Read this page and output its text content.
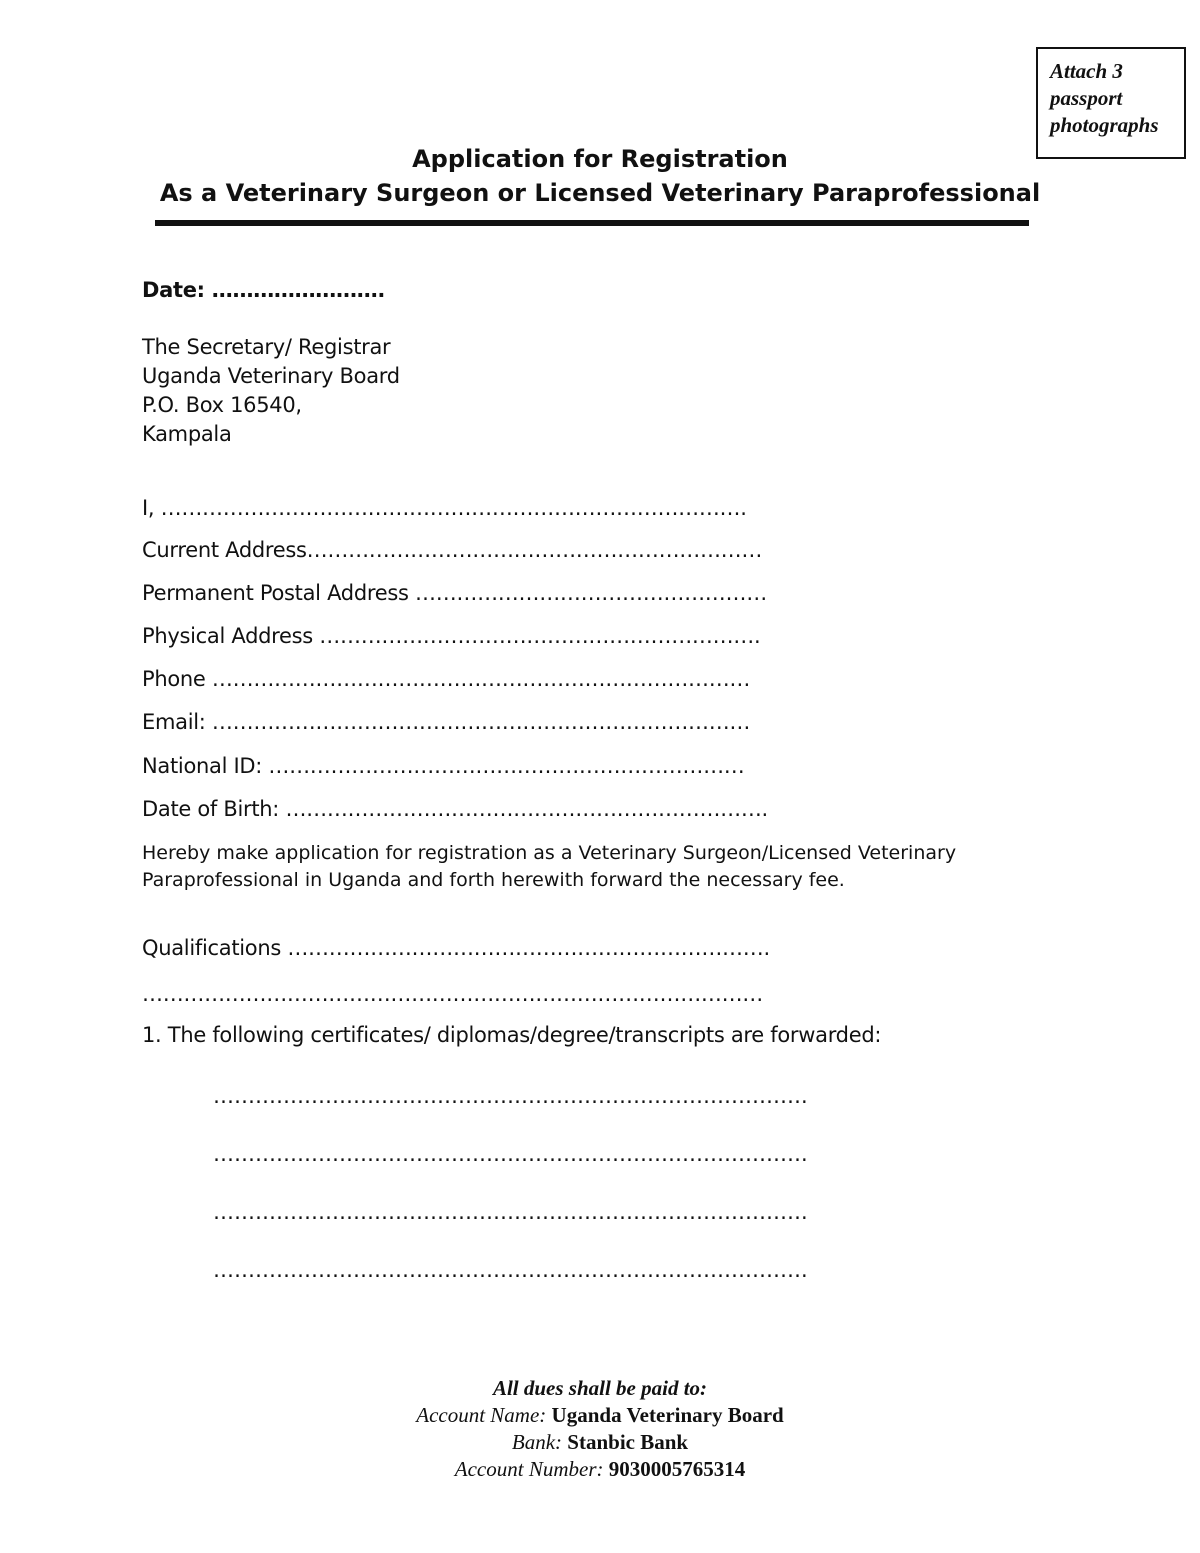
Attach 3
passport
photographs
Application for Registration
As a Veterinary Surgeon or Licensed Veterinary Paraprofessional
Date: …………………….
The Secretary/ Registrar
Uganda Veterinary Board
P.O. Box 16540,
Kampala
I, ………………………………………………………………………….
Current Address…………………………………………………………
Permanent Postal Address ……………………………………………
Physical Address ……………………………………………………….
Phone ……………………………………………………………………
Email: ……………………………………………………………………
National ID: ……………………………………………………………
Date of Birth: …………………………………………………………….
Hereby make application for registration as a Veterinary Surgeon/Licensed Veterinary Paraprofessional in Uganda and forth herewith forward the necessary fee.
Qualifications …………………………………………………………….
………………………………………………………………………………
1. The following certificates/ diplomas/degree/transcripts are forwarded:
………………………………………………………………………….
………………………………………………………………………….
………………………………………………………………………….
………………………………………………………………………….
All dues shall be paid to:
Account Name: Uganda Veterinary Board
Bank: Stanbic Bank
Account Number: 9030005765314
